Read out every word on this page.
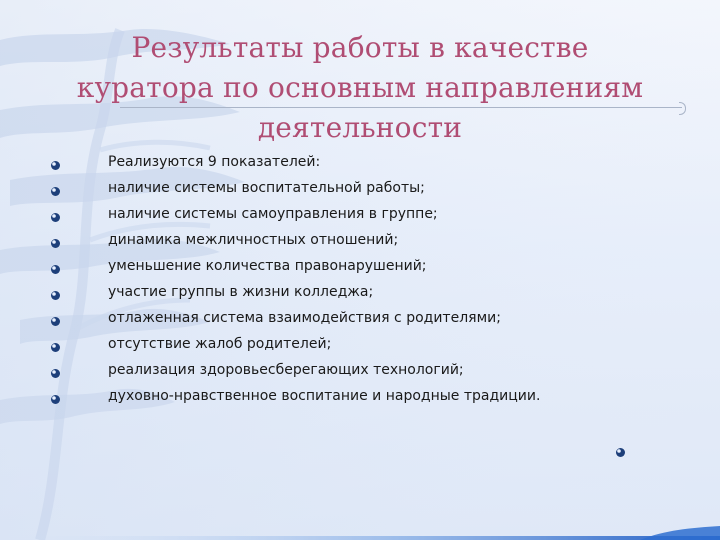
Результаты работы в качестве
куратора по основным направлениям
деятельности
Реализуются 9 показателей:
наличие системы воспитательной работы;
наличие системы самоуправления в группе;
динамика межличностных отношений;
уменьшение количества правонарушений;
участие группы в жизни колледжа;
отлаженная система взаимодействия с родителями;
отсутствие жалоб родителей;
реализация здоровьесберегающих технологий;
духовно-нравственное воспитание и народные традиции.
